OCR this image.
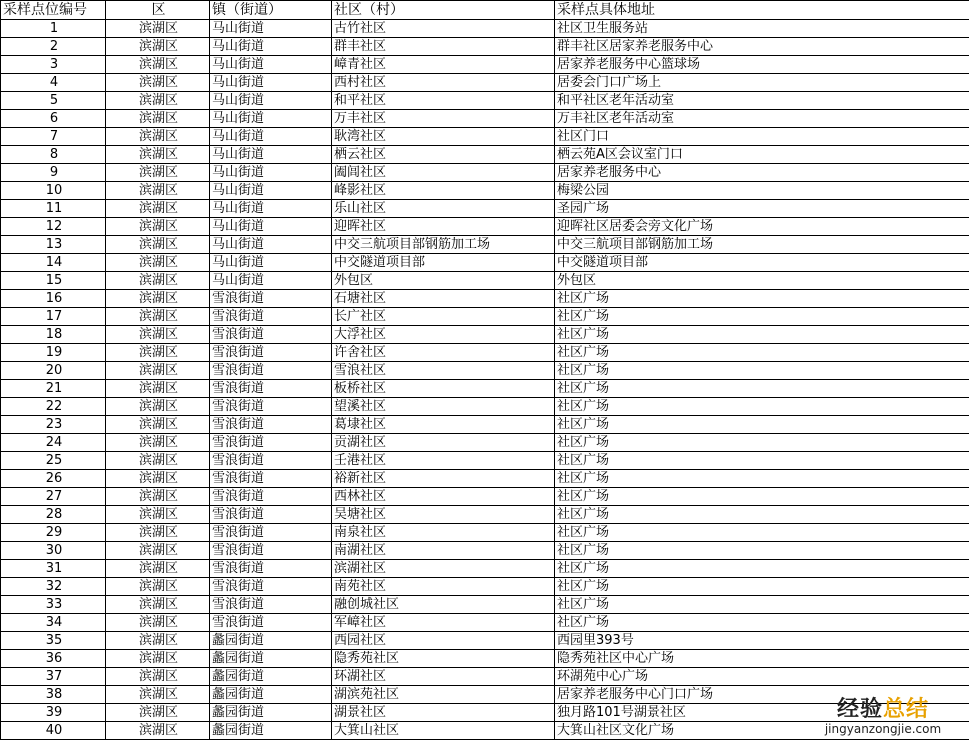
采样点位编号	区	镇（街道）	社区（村）	采样点具体地址
1	滨湖区	马山街道	古竹社区	社区卫生服务站
2	滨湖区	马山街道	群丰社区	群丰社区居家养老服务中心
3	滨湖区	马山街道	嶂青社区	居家养老服务中心篮球场
4	滨湖区	马山街道	西村社区	居委会门口广场上
5	滨湖区	马山街道	和平社区	和平社区老年活动室
6	滨湖区	马山街道	万丰社区	万丰社区老年活动室
7	滨湖区	马山街道	耿湾社区	社区门口
8	滨湖区	马山街道	栖云社区	栖云苑A区会议室门口
9	滨湖区	马山街道	阖闾社区	居家养老服务中心
10	滨湖区	马山街道	峰影社区	梅梁公园
11	滨湖区	马山街道	乐山社区	圣园广场
12	滨湖区	马山街道	迎晖社区	迎晖社区居委会旁文化广场
13	滨湖区	马山街道	中交三航项目部钢筋加工场	中交三航项目部钢筋加工场
14	滨湖区	马山街道	中交隧道项目部	中交隧道项目部
15	滨湖区	马山街道	外包区	外包区
16	滨湖区	雪浪街道	石塘社区	社区广场
17	滨湖区	雪浪街道	长广社区	社区广场
18	滨湖区	雪浪街道	大浮社区	社区广场
19	滨湖区	雪浪街道	许舍社区	社区广场
20	滨湖区	雪浪街道	雪浪社区	社区广场
21	滨湖区	雪浪街道	板桥社区	社区广场
22	滨湖区	雪浪街道	望溪社区	社区广场
23	滨湖区	雪浪街道	葛埭社区	社区广场
24	滨湖区	雪浪街道	贡湖社区	社区广场
25	滨湖区	雪浪街道	壬港社区	社区广场
26	滨湖区	雪浪街道	裕新社区	社区广场
27	滨湖区	雪浪街道	西林社区	社区广场
28	滨湖区	雪浪街道	吴塘社区	社区广场
29	滨湖区	雪浪街道	南泉社区	社区广场
30	滨湖区	雪浪街道	南湖社区	社区广场
31	滨湖区	雪浪街道	滨湖社区	社区广场
32	滨湖区	雪浪街道	南苑社区	社区广场
33	滨湖区	雪浪街道	融创城社区	社区广场
34	滨湖区	雪浪街道	军嶂社区	社区广场
35	滨湖区	蠡园街道	西园社区	西园里393号
36	滨湖区	蠡园街道	隐秀苑社区	隐秀苑社区中心广场
37	滨湖区	蠡园街道	环湖社区	环湖苑中心广场
38	滨湖区	蠡园街道	湖滨苑社区	居家养老服务中心门口广场
39	滨湖区	蠡园街道	湖景社区	独月路101号湖景社区
40	滨湖区	蠡园街道	大箕山社区	大箕山社区文化广场
经验总结
jingyanzongjie.com
